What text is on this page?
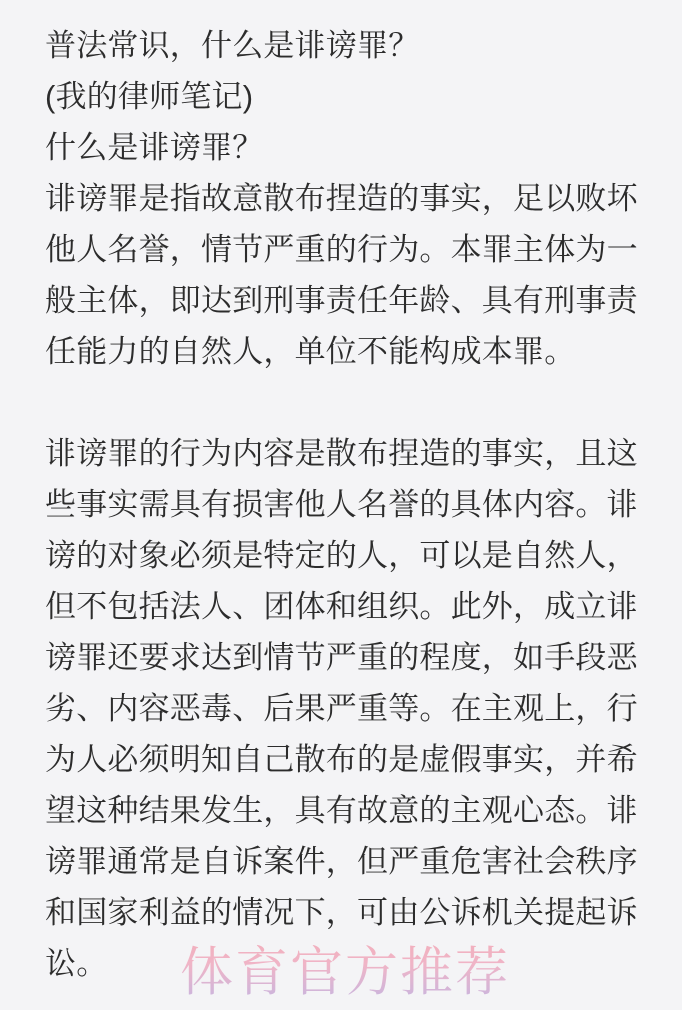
普法常识，什么是诽谤罪？
(我的律师笔记)
什么是诽谤罪？
诽谤罪是指故意散布捏造的事实，足以败坏
他人名誉，情节严重的行为。本罪主体为一
般主体，即达到刑事责任年龄、具有刑事责
任能力的自然人，单位不能构成本罪。
诽谤罪的行为内容是散布捏造的事实，且这
些事实需具有损害他人名誉的具体内容。诽
谤的对象必须是特定的人，可以是自然人，
但不包括法人、团体和组织。此外，成立诽
谤罪还要求达到情节严重的程度，如手段恶
劣、内容恶毒、后果严重等。在主观上，行
为人必须明知自己散布的是虚假事实，并希
望这种结果发生，具有故意的主观心态。诽
谤罪通常是自诉案件，但严重危害社会秩序
和国家利益的情况下，可由公诉机关提起诉
讼。	体育官方推荐
